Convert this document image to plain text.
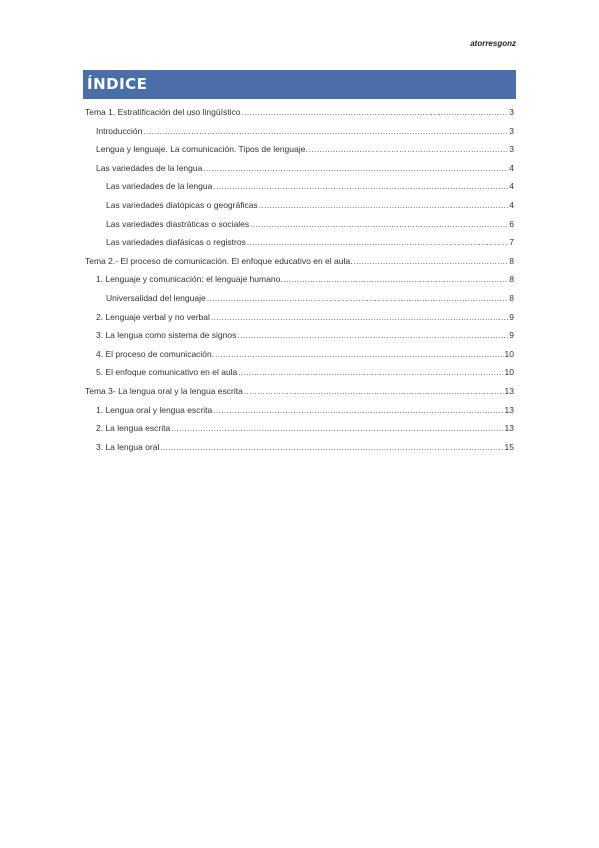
atorresgonz
ÍNDICE
Tema 1. Estratificación del uso lingüístico .....	3
Introducción .....	3
Lengua y lenguaje. La comunicación. Tipos de lenguaje. .....	3
Las variedades de la lengua .....	4
Las variedades de la lengua .....	4
Las variedades diatópicas o geográficas .....	4
Las variedades diastráticas o sociales .....	6
Las variedades diafásicas o registros .....	7
Tema 2.- El proceso de comunicación. El enfoque educativo en el aula. .....	8
1. Lenguaje y comunicación: el lenguaje humano. .....	8
Universalidad del lenguaje .....	8
2. Lenguaje verbal y no verbal .....	9
3. La lengua como sistema de signos .....	9
4. El proceso de comunicación. .....	10
5. El enfoque comunicativo en el aula .....	10
Tema 3- La lengua oral y la lengua escrita .....	13
1. Lengua oral y lengua escrita .....	13
2. La lengua escrita .....	13
3. La lengua oral .....	15
